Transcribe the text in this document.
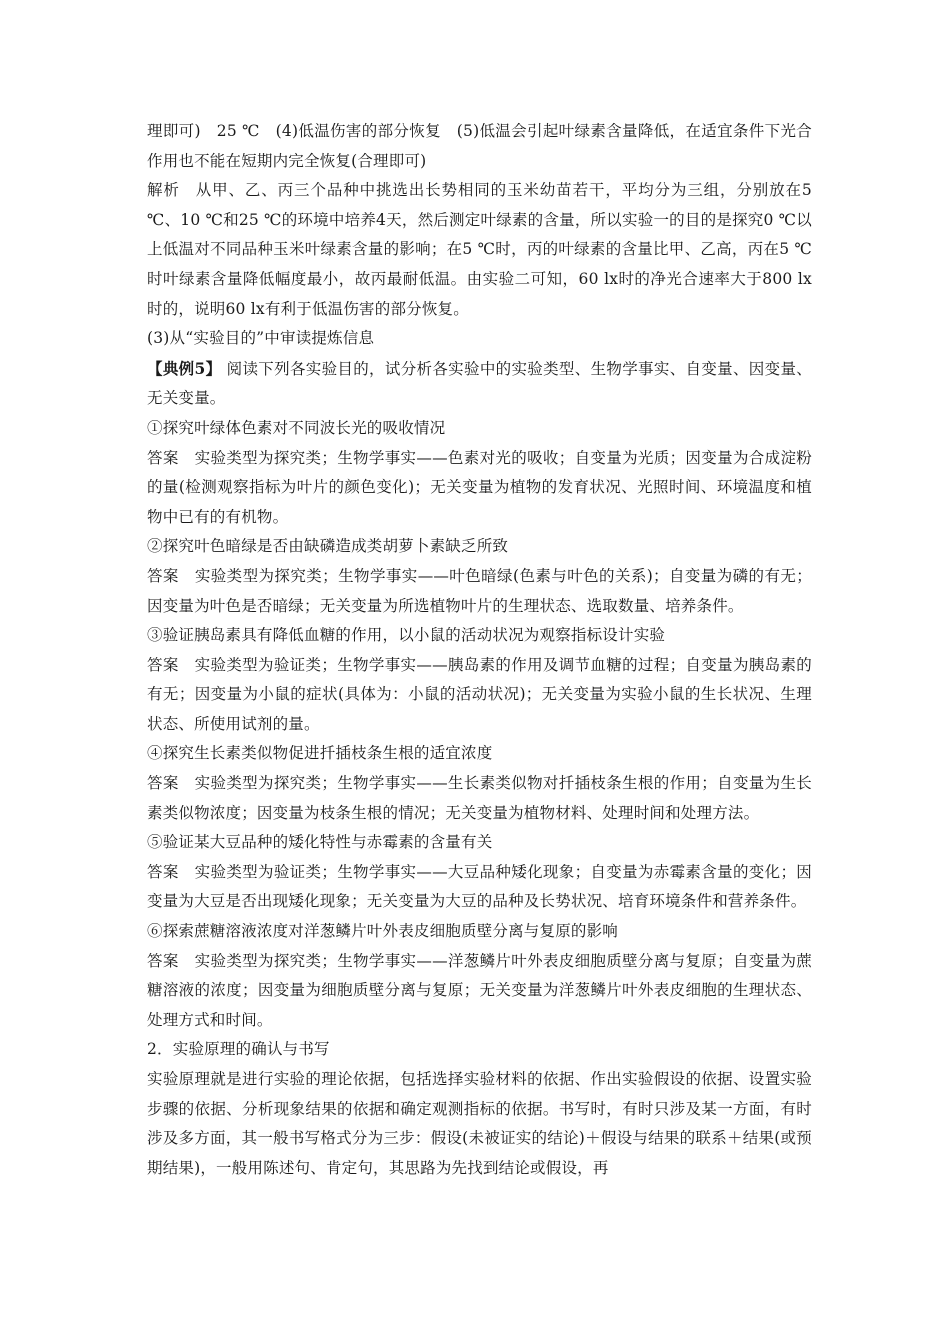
理即可)　25 ℃　(4)低温伤害的部分恢复　(5)低温会引起叶绿素含量降低，在适宜条件下光合作用也不能在短期内完全恢复(合理即可)

解析 从甲、乙、丙三个品种中挑选出长势相同的玉米幼苗若干，平均分为三组，分别放在5 ℃、10 ℃和25 ℃的环境中培养4天，然后测定叶绿素的含量，所以实验一的目的是探究0 ℃以上低温对不同品种玉米叶绿素含量的影响；在5 ℃时，丙的叶绿素的含量比甲、乙高，丙在5 ℃时叶绿素含量降低幅度最小，故丙最耐低温。由实验二可知，60 lx时的净光合速率大于800 lx时的，说明60 lx有利于低温伤害的部分恢复。

(3)从“实验目的”中审读提炼信息

【典例5】 阅读下列各实验目的，试分析各实验中的实验类型、生物学事实、自变量、因变量、无关变量。

①探究叶绿体色素对不同波长光的吸收情况

答案 实验类型为探究类；生物学事实——色素对光的吸收；自变量为光质；因变量为合成淀粉的量(检测观察指标为叶片的颜色变化)；无关变量为植物的发育状况、光照时间、环境温度和植物中已有的有机物。

②探究叶色暗绿是否由缺磷造成类胡萝卜素缺乏所致

答案 实验类型为探究类；生物学事实——叶色暗绿(色素与叶色的关系)；自变量为磷的有无；因变量为叶色是否暗绿；无关变量为所选植物叶片的生理状态、选取数量、培养条件。

③验证胰岛素具有降低血糖的作用，以小鼠的活动状况为观察指标设计实验

答案 实验类型为验证类；生物学事实——胰岛素的作用及调节血糖的过程；自变量为胰岛素的有无；因变量为小鼠的症状(具体为：小鼠的活动状况)；无关变量为实验小鼠的生长状况、生理状态、所使用试剂的量。

④探究生长素类似物促进扦插枝条生根的适宜浓度

答案 实验类型为探究类；生物学事实——生长素类似物对扦插枝条生根的作用；自变量为生长素类似物浓度；因变量为枝条生根的情况；无关变量为植物材料、处理时间和处理方法。

⑤验证某大豆品种的矮化特性与赤霉素的含量有关

答案 实验类型为验证类；生物学事实——大豆品种矮化现象；自变量为赤霉素含量的变化；因变量为大豆是否出现矮化现象；无关变量为大豆的品种及长势状况、培育环境条件和营养条件。

⑥探索蔗糖溶液浓度对洋葱鳞片叶外表皮细胞质壁分离与复原的影响

答案 实验类型为探究类；生物学事实——洋葱鳞片叶外表皮细胞质壁分离与复原；自变量为蔗糖溶液的浓度；因变量为细胞质壁分离与复原；无关变量为洋葱鳞片叶外表皮细胞的生理状态、处理方式和时间。

2．实验原理的确认与书写

实验原理就是进行实验的理论依据，包括选择实验材料的依据、作出实验假设的依据、设置实验步骤的依据、分析现象结果的依据和确定观测指标的依据。书写时，有时只涉及某一方面，有时涉及多方面，其一般书写格式分为三步：假设(未被证实的结论)＋假设与结果的联系＋结果(或预期结果)，一般用陈述句、肯定句，其思路为先找到结论或假设，再
